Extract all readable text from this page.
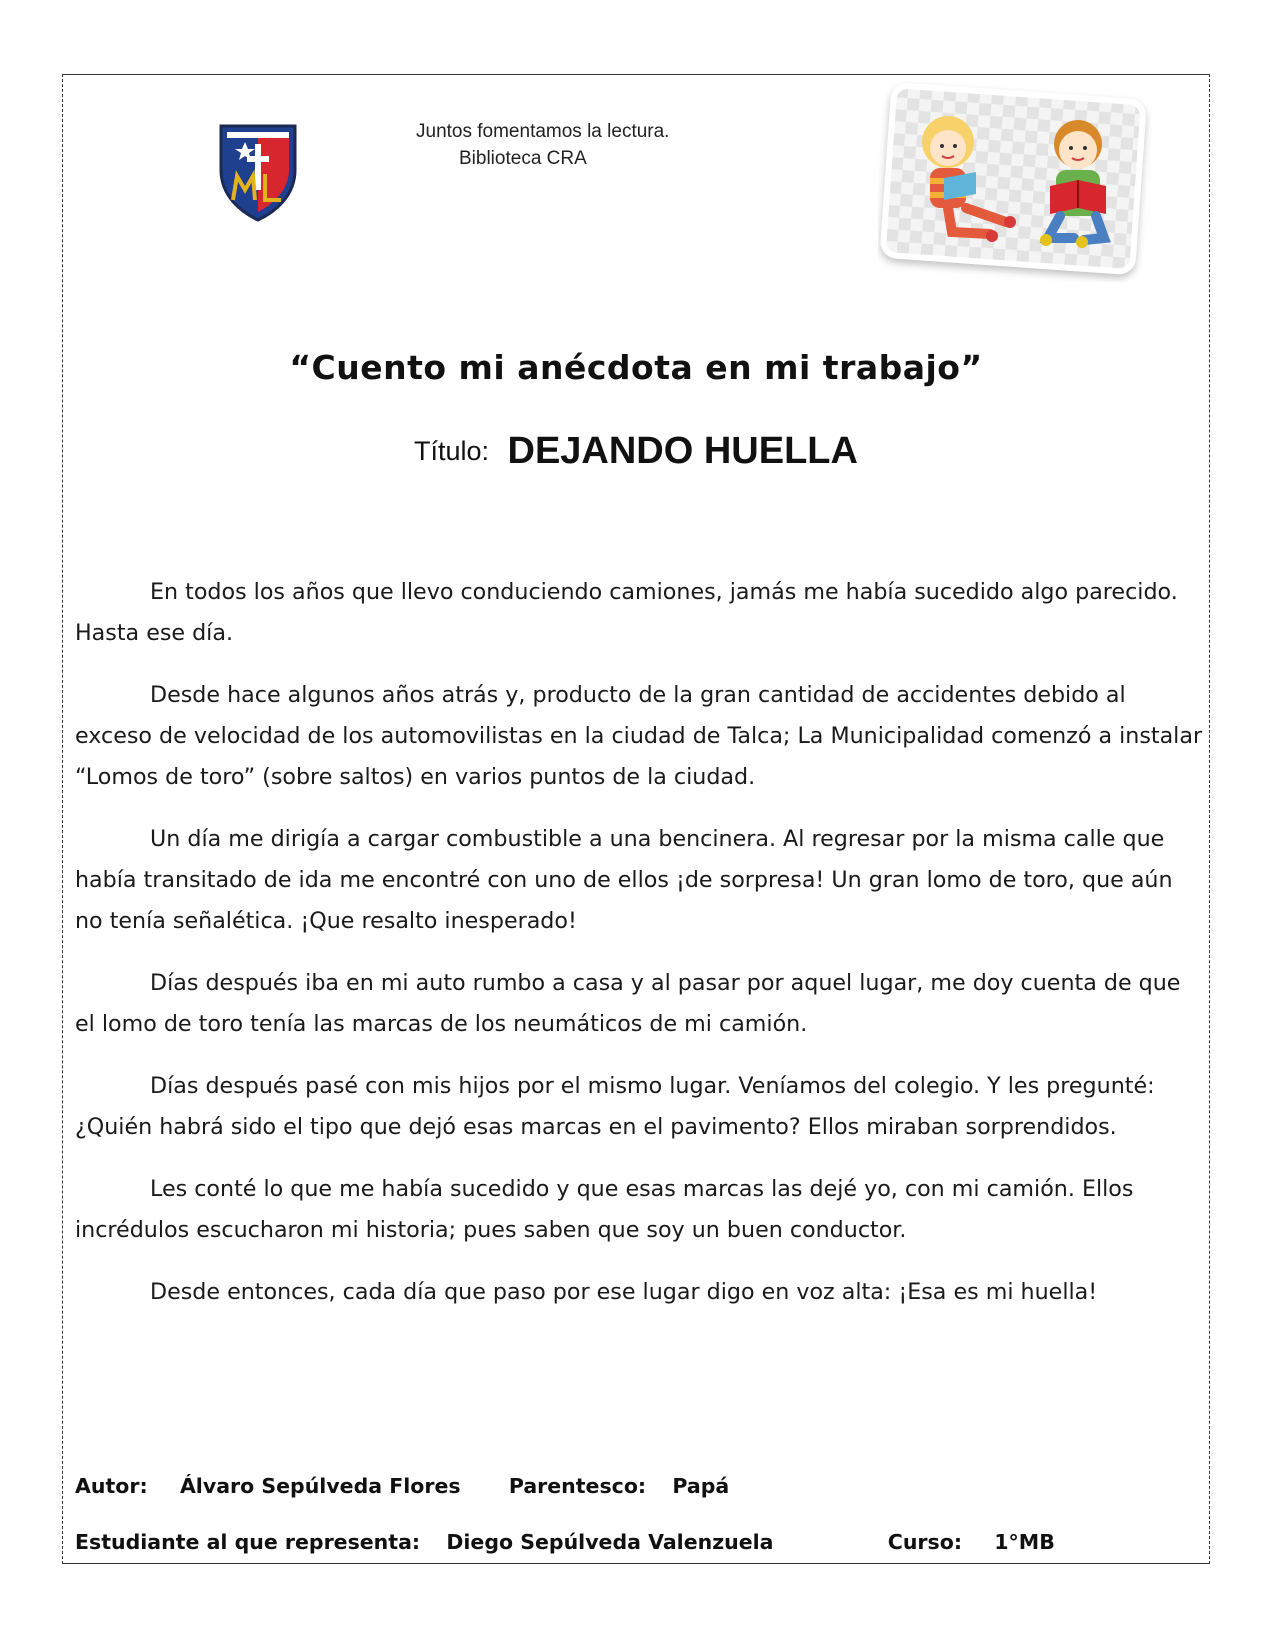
Juntos fomentamos la lectura.
Biblioteca CRA
“Cuento mi anécdota en mi trabajo”
Título: DEJANDO HUELLA

En todos los años que llevo conduciendo camiones, jamás me había sucedido algo parecido. Hasta ese día.

Desde hace algunos años atrás y, producto de la gran cantidad de accidentes debido al exceso de velocidad de los automovilistas en la ciudad de Talca; La Municipalidad comenzó a instalar “Lomos de toro” (sobre saltos) en varios puntos de la ciudad.

Un día me dirigía a cargar combustible a una bencinera. Al regresar por la misma calle que había transitado de ida me encontré con uno de ellos ¡de sorpresa! Un gran lomo de toro, que aún no tenía señalética. ¡Que resalto inesperado!

Días después iba en mi auto rumbo a casa y al pasar por aquel lugar, me doy cuenta de que el lomo de toro tenía las marcas de los neumáticos de mi camión.

Días después pasé con mis hijos por el mismo lugar. Veníamos del colegio. Y les pregunté: ¿Quién habrá sido el tipo que dejó esas marcas en el pavimento? Ellos miraban sorprendidos.

Les conté lo que me había sucedido y que esas marcas las dejé yo, con mi camión. Ellos incrédulos escucharon mi historia; pues saben que soy un buen conductor.

Desde entonces, cada día que paso por ese lugar digo en voz alta: ¡Esa es mi huella!

Autor: Álvaro Sepúlveda Flores Parentesco: Papá
Estudiante al que representa: Diego Sepúlveda Valenzuela	Curso: 1°MB
